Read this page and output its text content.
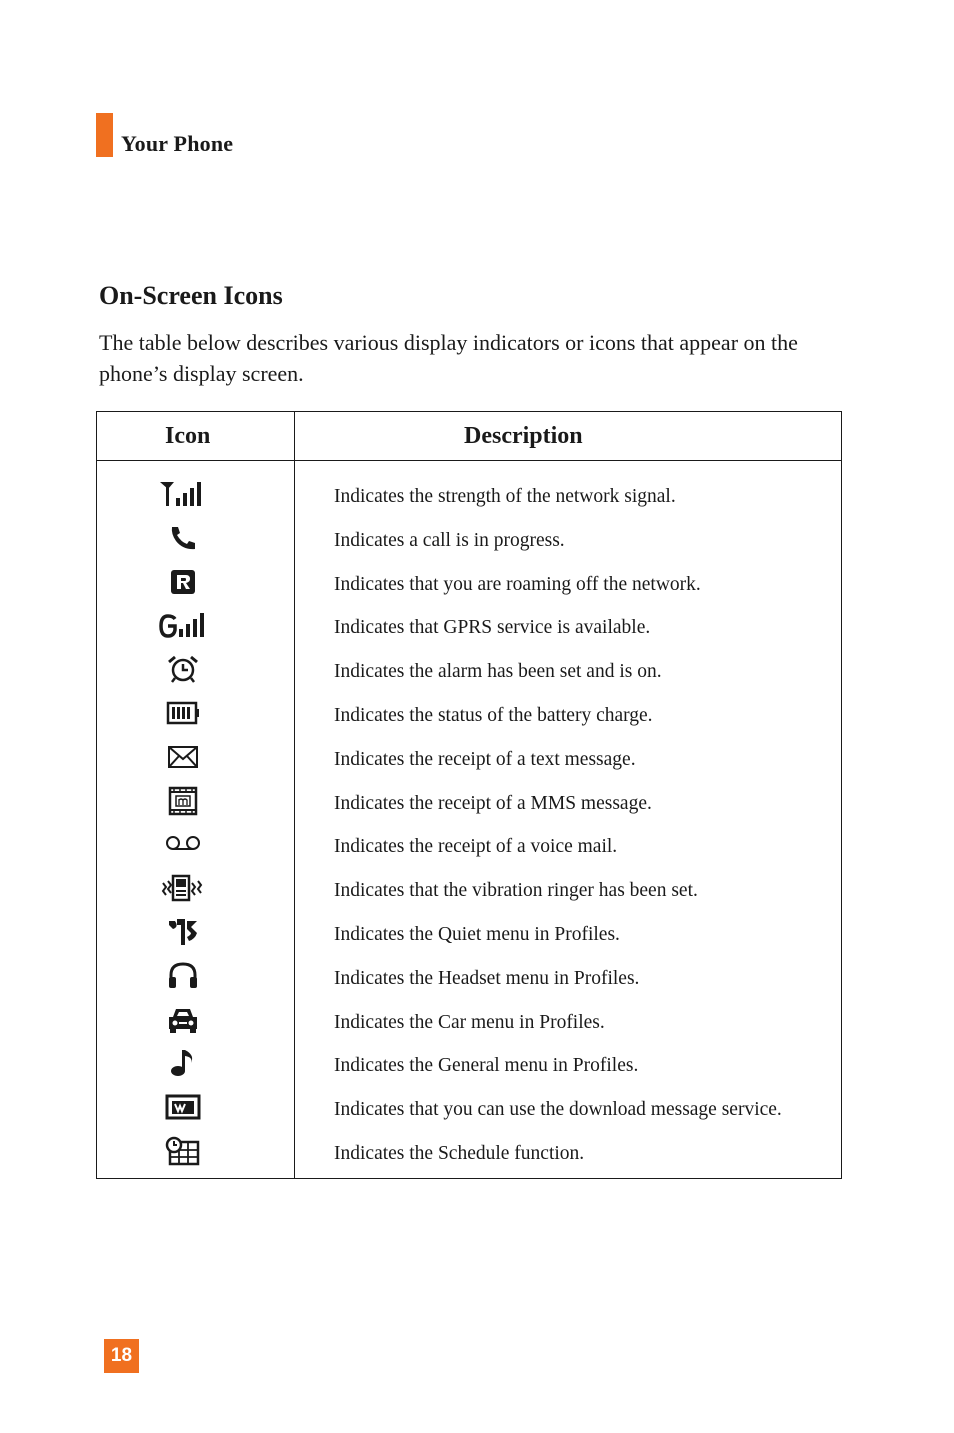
Your Phone
On-Screen Icons
The table below describes various display indicators or icons that appear on the phone’s display screen.
Icon	Description
Indicates the strength of the network signal.
Indicates a call is in progress.
Indicates that you are roaming off the network.
Indicates that GPRS service is available.
Indicates the alarm has been set and is on.
Indicates the status of the battery charge.
Indicates the receipt of a text message.
Indicates the receipt of a MMS message.
Indicates the receipt of a voice mail.
Indicates that the vibration ringer has been set.
Indicates the Quiet menu in Profiles.
Indicates the Headset menu in Profiles.
Indicates the Car menu in Profiles.
Indicates the General menu in Profiles.
Indicates that you can use the download message service.
Indicates the Schedule function.
18
